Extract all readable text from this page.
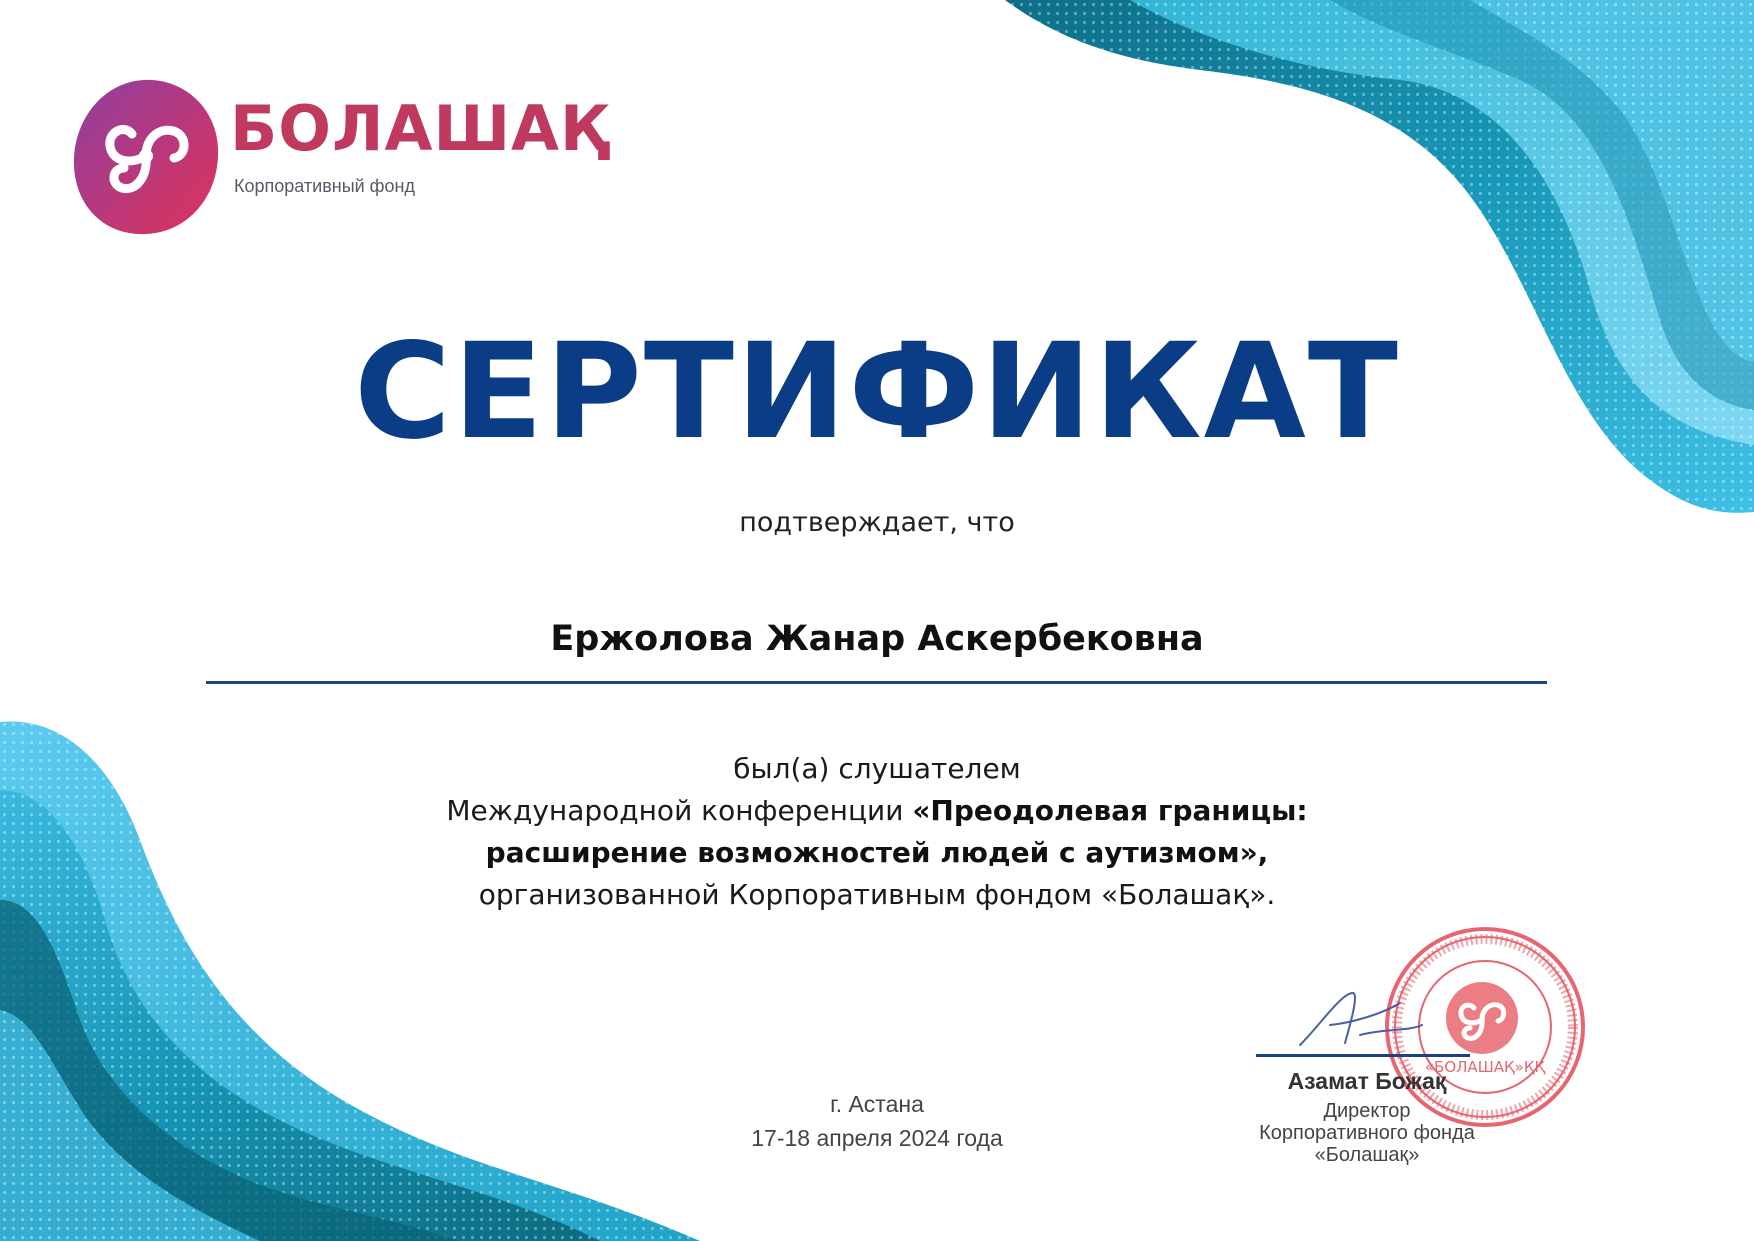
БОЛАШАҚ
Корпоративный фонд
СЕРТИФИКАТ
подтверждает, что
Ержолова Жанар Аскербековна
был(а) слушателем
Международной конференции «Преодолевая границы:
расширение возможностей людей с аутизмом»,
организованной Корпоративным фондом «Болашақ».
г. Астана
17-18 апреля 2024 года
«БОЛАШАҚ»ҚҚ
Азамат Божақ
Директор
Корпоративного фонда
«Болашақ»
